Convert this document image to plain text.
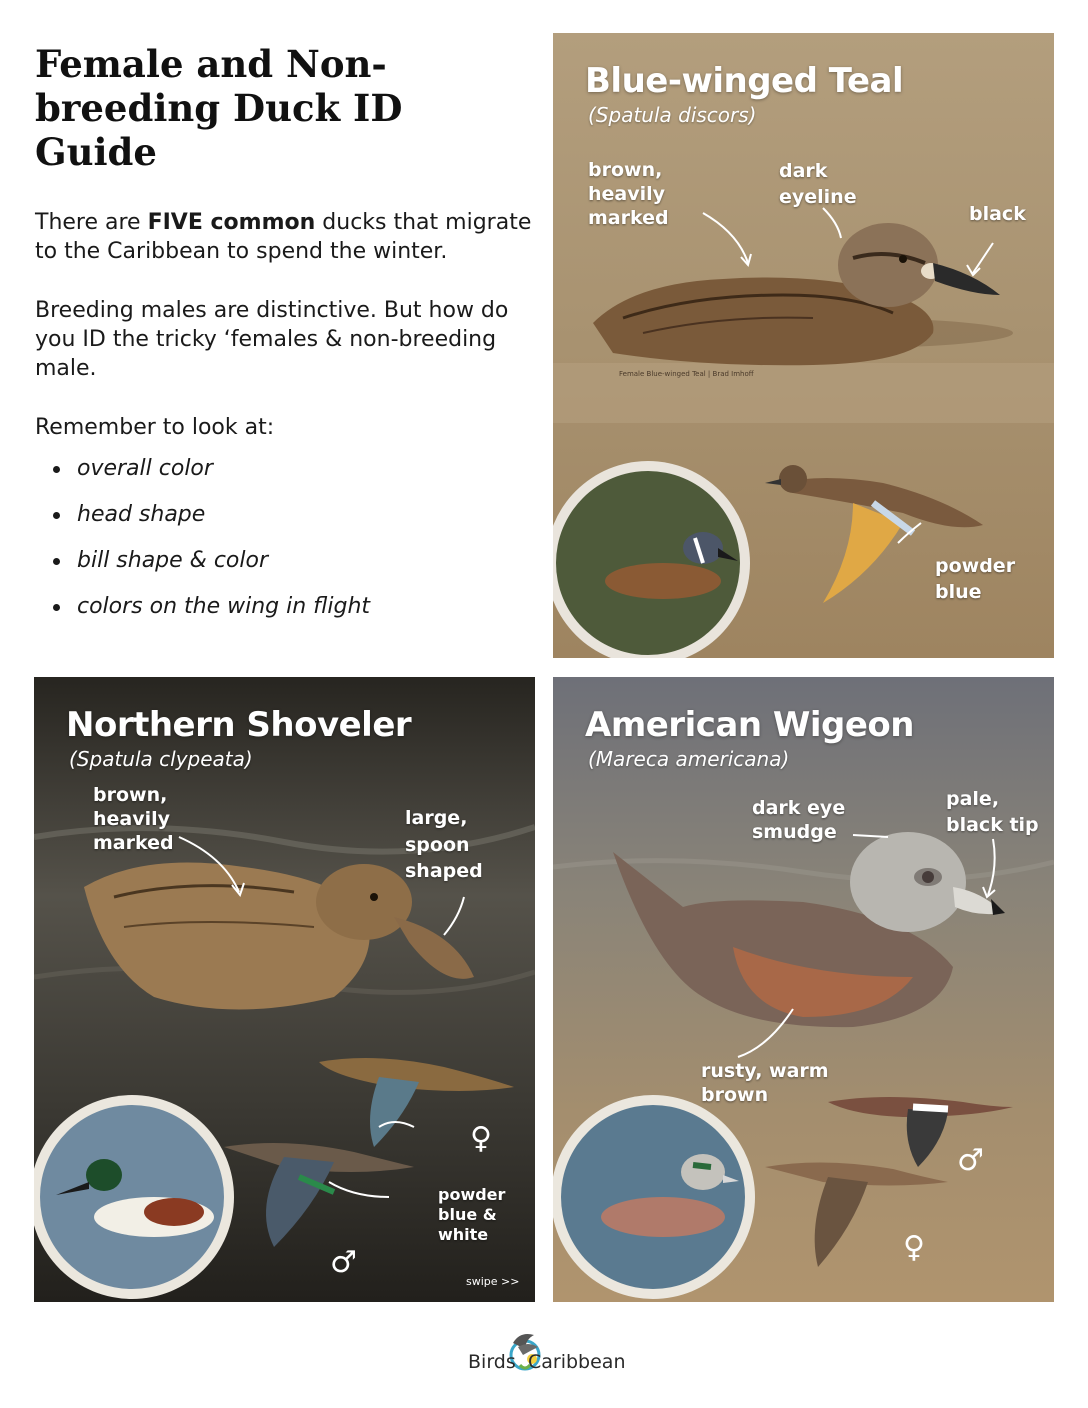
Female and Non-breeding Duck ID Guide

There are FIVE common ducks that migrate to the Caribbean to spend the winter.

Breeding males are distinctive. But how do you ID the tricky ‘females & non-breeding male.

Remember to look at:

overall color
head shape
bill shape & color
colors on the wing in flight
Blue-winged Teal
(Spatula discors)
brown,
heavily
marked
dark
eyeline
black
powder
blue
Female Blue-winged Teal | Brad Imhoff
Northern Shoveler
(Spatula clypeata)
brown,
heavily
marked
large,
spoon
shaped
powder
blue &
white
♀
♂
swipe >>
American Wigeon
(Mareca americana)
dark eye
smudge
pale,
black tip
rusty, warm
brown
♂
♀
Birds Caribbean
